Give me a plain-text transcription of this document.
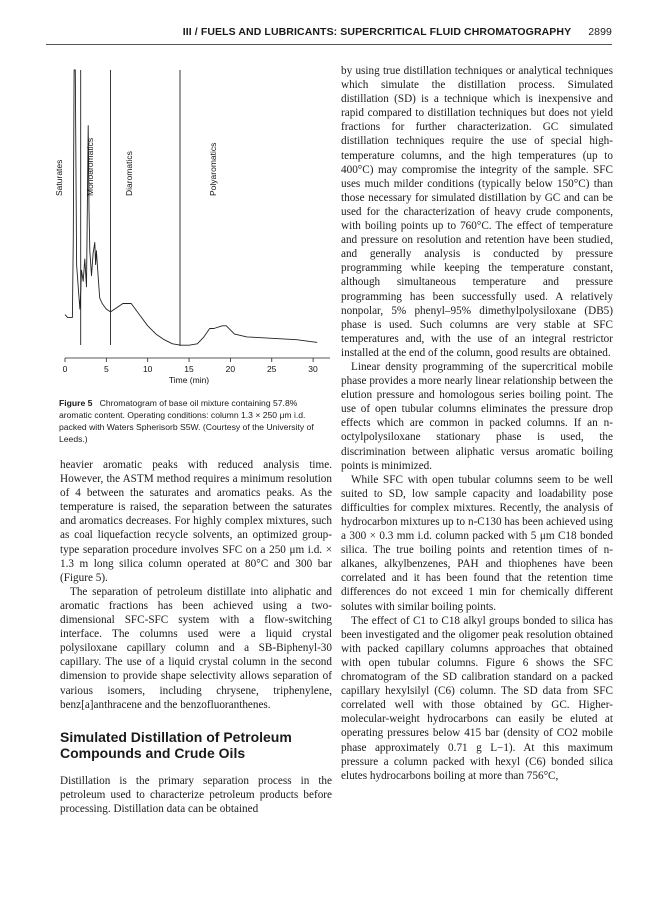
III / FUELS AND LUBRICANTS: SUPERCRITICAL FLUID CHROMATOGRAPHY 2899
0	5	10	15	20	25	30
Time (min)
Saturates Monoaromatics	Diaromatics	Polyaromatics
Figure 5 Chromatogram of base oil mixture containing 57.8% aromatic content. Operating conditions: column 1.3 × 250 μm i.d. packed with Waters Spherisorb S5W. (Courtesy of the University of Leeds.)

heavier aromatic peaks with reduced analysis time. However, the ASTM method requires a minimum resolution of 4 between the saturates and aromatics peaks. As the temperature is raised, the separation between the saturates and aromatics decreases. For highly complex mixtures, such as coal liquefaction recycle solvents, an optimized group-type separation procedure involves SFC on a 250 μm i.d. × 1.3 m long silica column operated at 80°C and 300 bar (Figure 5).

The separation of petroleum distillate into aliphatic and aromatic fractions has been achieved using a two-dimensional SFC-SFC system with a flow-switching interface. The columns used were a liquid crystal polysiloxane capillary column and a SB-Biphenyl-30 capillary. The use of a liquid crystal column in the second dimension to provide shape selectivity allows separation of various isomers, including chrysene, triphenylene, benz[a]anthracene and the benzofluoranthenes.

Simulated Distillation of Petroleum Compounds and Crude Oils

Distillation is the primary separation process in the petroleum used to characterize petroleum products before processing. Distillation data can be obtained

by using true distillation techniques or analytical techniques which simulate the distillation process. Simulated distillation (SD) is a technique which is inexpensive and rapid compared to distillation techniques but does not yield fractions for further characterization. GC simulated distillation techniques require the use of special high-temperature columns, and the high temperatures (up to 400°C) may compromise the integrity of the sample. SFC uses much milder conditions (typically below 150°C) than those necessary for simulated distillation by GC and can be used for the characterization of heavy crude components, with boiling points up to 760°C. The effect of temperature and pressure on resolution and retention have been studied, and generally analysis is conducted by pressure programming while keeping the temperature constant, although simultaneous temperature and pressure programming has been successfully used. A relatively nonpolar, 5% phenyl–95% dimethylpolysiloxane (DB5) phase is used. Such columns are very stable at SFC temperatures and, with the use of an integral restrictor installed at the end of the column, good results are obtained.

Linear density programming of the supercritical mobile phase provides a more nearly linear relationship between the elution pressure and homologous series boiling point. The use of open tubular columns eliminates the pressure drop effects which are common in packed columns. If an n-octylpolysiloxane stationary phase is used, the discrimination between aliphatic versus aromatic boiling points is minimized.

While SFC with open tubular columns seem to be well suited to SD, low sample capacity and loadability pose difficulties for complex mixtures. Recently, the analysis of hydrocarbon mixtures up to n-C130 has been achieved using a 300 × 0.3 mm i.d. column packed with 5 μm C18 bonded silica. The true boiling points and retention times of n-alkanes, alkylbenzenes, PAH and thiophenes have been correlated and it has been found that the retention time differences do not exceed 1 min for chemically different solutes with similar boiling points.

The effect of C1 to C18 alkyl groups bonded to silica has been investigated and the oligomer peak resolution obtained with packed capillary columns approaches that obtained with open tubular columns. Figure 6 shows the SFC chromatogram of the SD calibration standard on a packed capillary hexylsilyl (C6) column. The SD data from SFC correlated well with those obtained by GC. Higher-molecular-weight hydrocarbons can easily be eluted at operating pressures below 415 bar (density of CO2 mobile phase approximately 0.71 g L−1). At this maximum pressure a column packed with hexyl (C6) bonded silica elutes hydrocarbons boiling at more than 756°C,
